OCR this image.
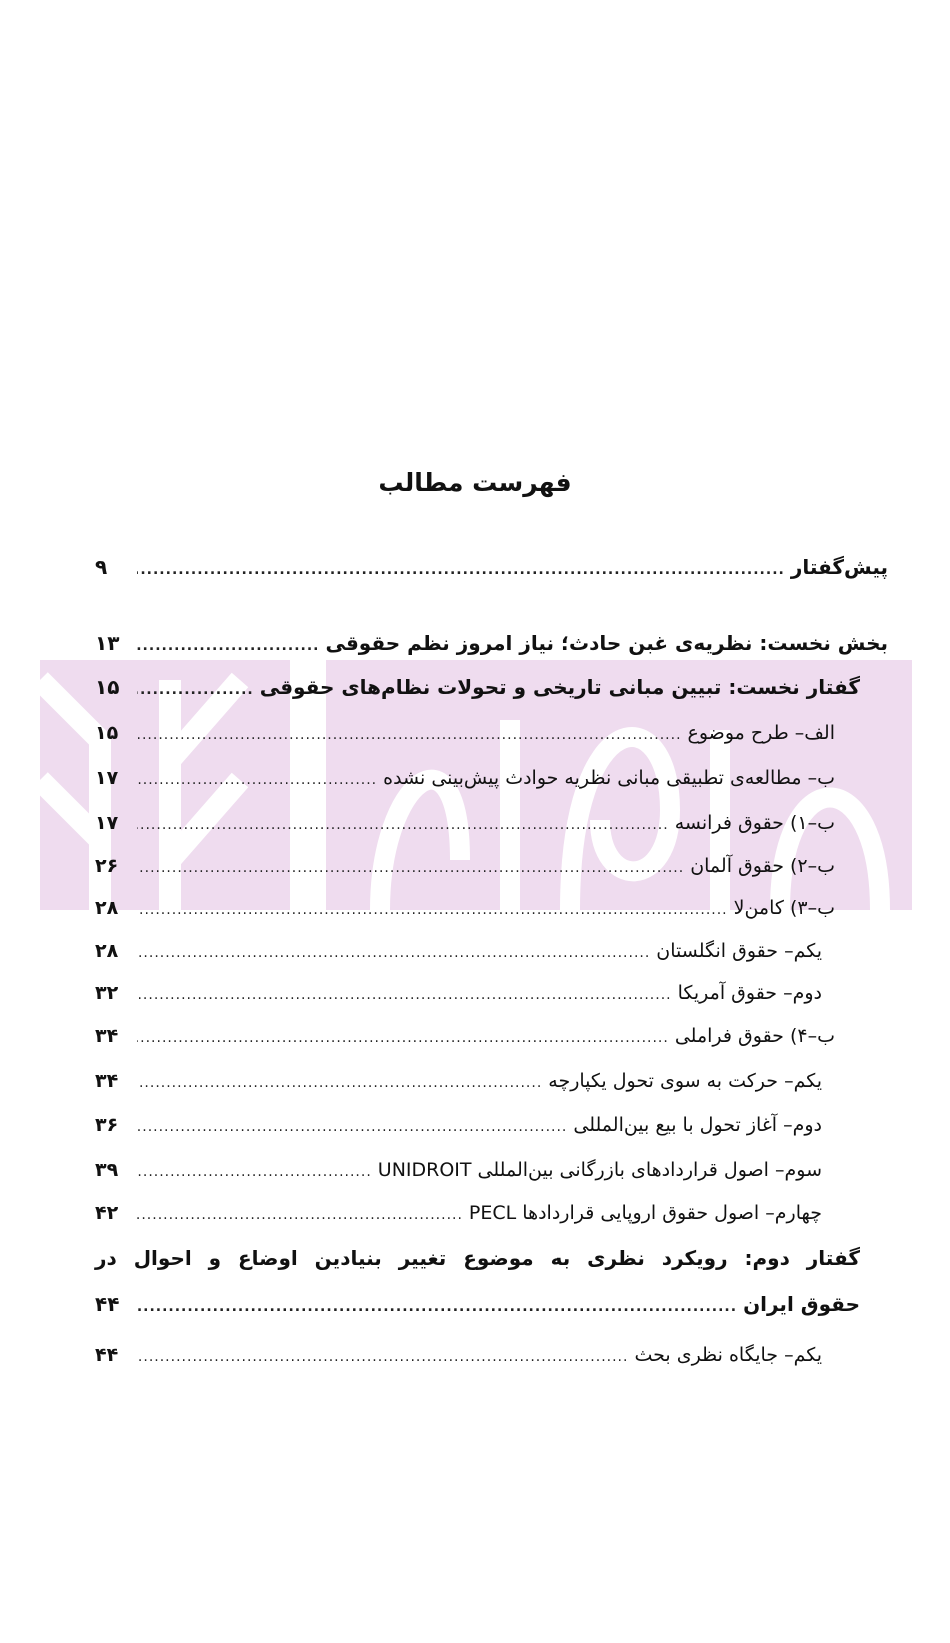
فهرست مطالب
پیش‌گفتار
.....
۹
بخش نخست: نظریه‌ی غبن حادث؛ نیاز امروز نظم حقوقی
.....
۱۳
گفتار نخست: تبیین مبانی تاریخی و تحولات نظام‌های حقوقی
.....
۱۵
الف– طرح موضوع
.....
۱۵
ب– مطالعه‌ی تطبیقی مبانی نظریه حوادث پیش‌بینی نشده
.....
۱۷
ب–۱) حقوق فرانسه
.....
۱۷
ب–۲) حقوق آلمان
.....
۲۶
ب–۳) کامن‌لا
.....
۲۸
یکم– حقوق انگلستان
.....
۲۸
دوم– حقوق آمریکا
.....
۳۲
ب–۴) حقوق فراملی
.....
۳۴
یکم– حرکت به سوی تحول یکپارچه
.....
۳۴
دوم– آغاز تحول با بیع بین‌المللی
.....
۳۶
سوم– اصول قراردادهای بازرگانی بین‌المللی UNIDROIT
.....
۳۹
چهارم– اصول حقوق اروپایی قراردادها PECL
.....
۴۲
گفتار دوم: رویکرد نظری به موضوع تغییر بنیادین اوضاع و احوال در
حقوق ایران
.....
۴۴
یکم– جایگاه نظری بحث
.....
۴۴
